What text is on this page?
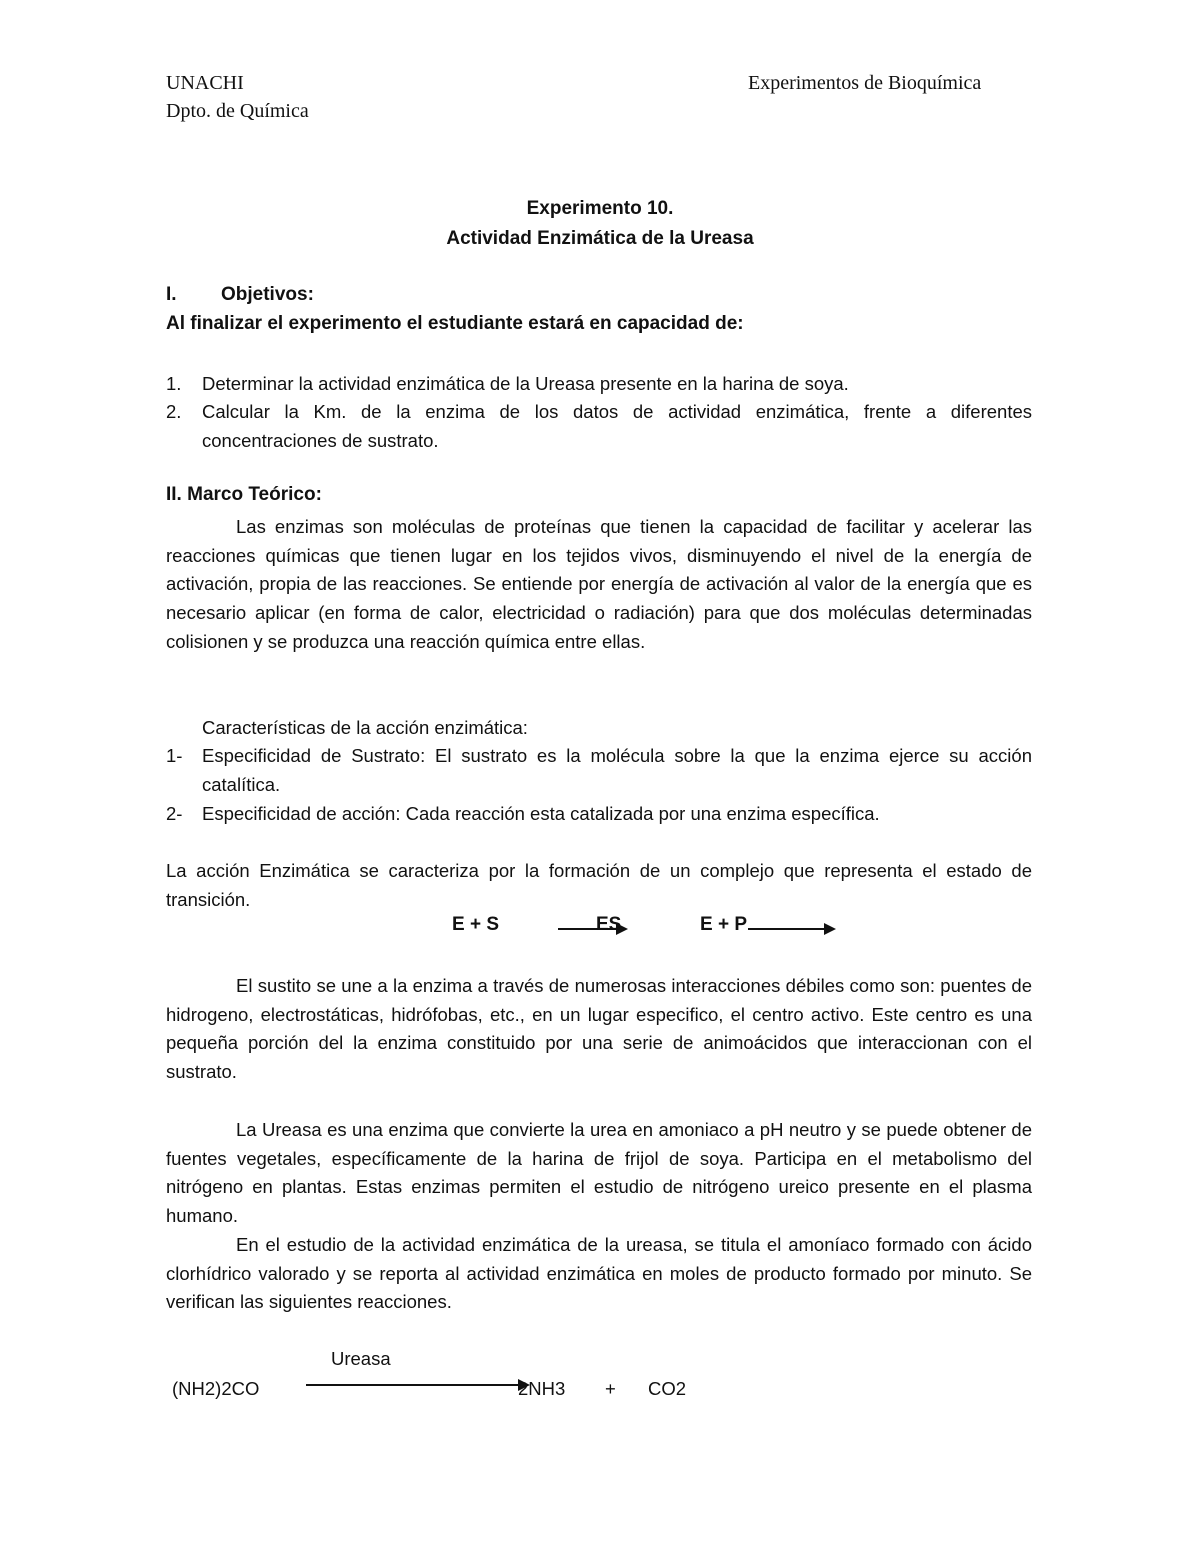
UNACHI
Dpto. de Química
Experimentos de Bioquímica
Experimento 10.
Actividad Enzimática de la Ureasa
I. Objetivos:
Al finalizar el experimento el estudiante estará en capacidad de:
1. Determinar la actividad enzimática de la Ureasa presente en la harina de soya.
2. Calcular la Km. de la enzima de los datos de actividad enzimática, frente a diferentes concentraciones de sustrato.
II. Marco Teórico:

Las enzimas son moléculas de proteínas que tienen la capacidad de facilitar y acelerar las reacciones químicas que tienen lugar en los tejidos vivos, disminuyendo el nivel de la energía de activación, propia de las reacciones. Se entiende por energía de activación al valor de la energía que es necesario aplicar (en forma de calor, electricidad o radiación) para que dos moléculas determinadas colisionen y se produzca una reacción química entre ellas.

Características de la acción enzimática:
1- Especificidad de Sustrato: El sustrato es la molécula sobre la que la enzima ejerce su acción catalítica.
2- Especificidad de acción: Cada reacción esta catalizada por una enzima específica.

La acción Enzimática se caracteriza por la formación de un complejo que representa el estado de transición.

E + S	ES	E + P

El sustito se une a la enzima a través de numerosas interacciones débiles como son: puentes de hidrogeno, electrostáticas, hidrófobas, etc., en un lugar especifico, el centro activo. Este centro es una pequeña porción del la enzima constituido por una serie de animoácidos que interaccionan con el sustrato.

La Ureasa es una enzima que convierte la urea en amoniaco a pH neutro y se puede obtener de fuentes vegetales, específicamente de la harina de frijol de soya. Participa en el metabolismo del nitrógeno en plantas. Estas enzimas permiten el estudio de nitrógeno ureico presente en el plasma humano.

En el estudio de la actividad enzimática de la ureasa, se titula el amoníaco formado con ácido clorhídrico valorado y se reporta al actividad enzimática en moles de producto formado por minuto. Se verifican las siguientes reacciones.

Ureasa
(NH2)2CO	2NH3 + CO2
